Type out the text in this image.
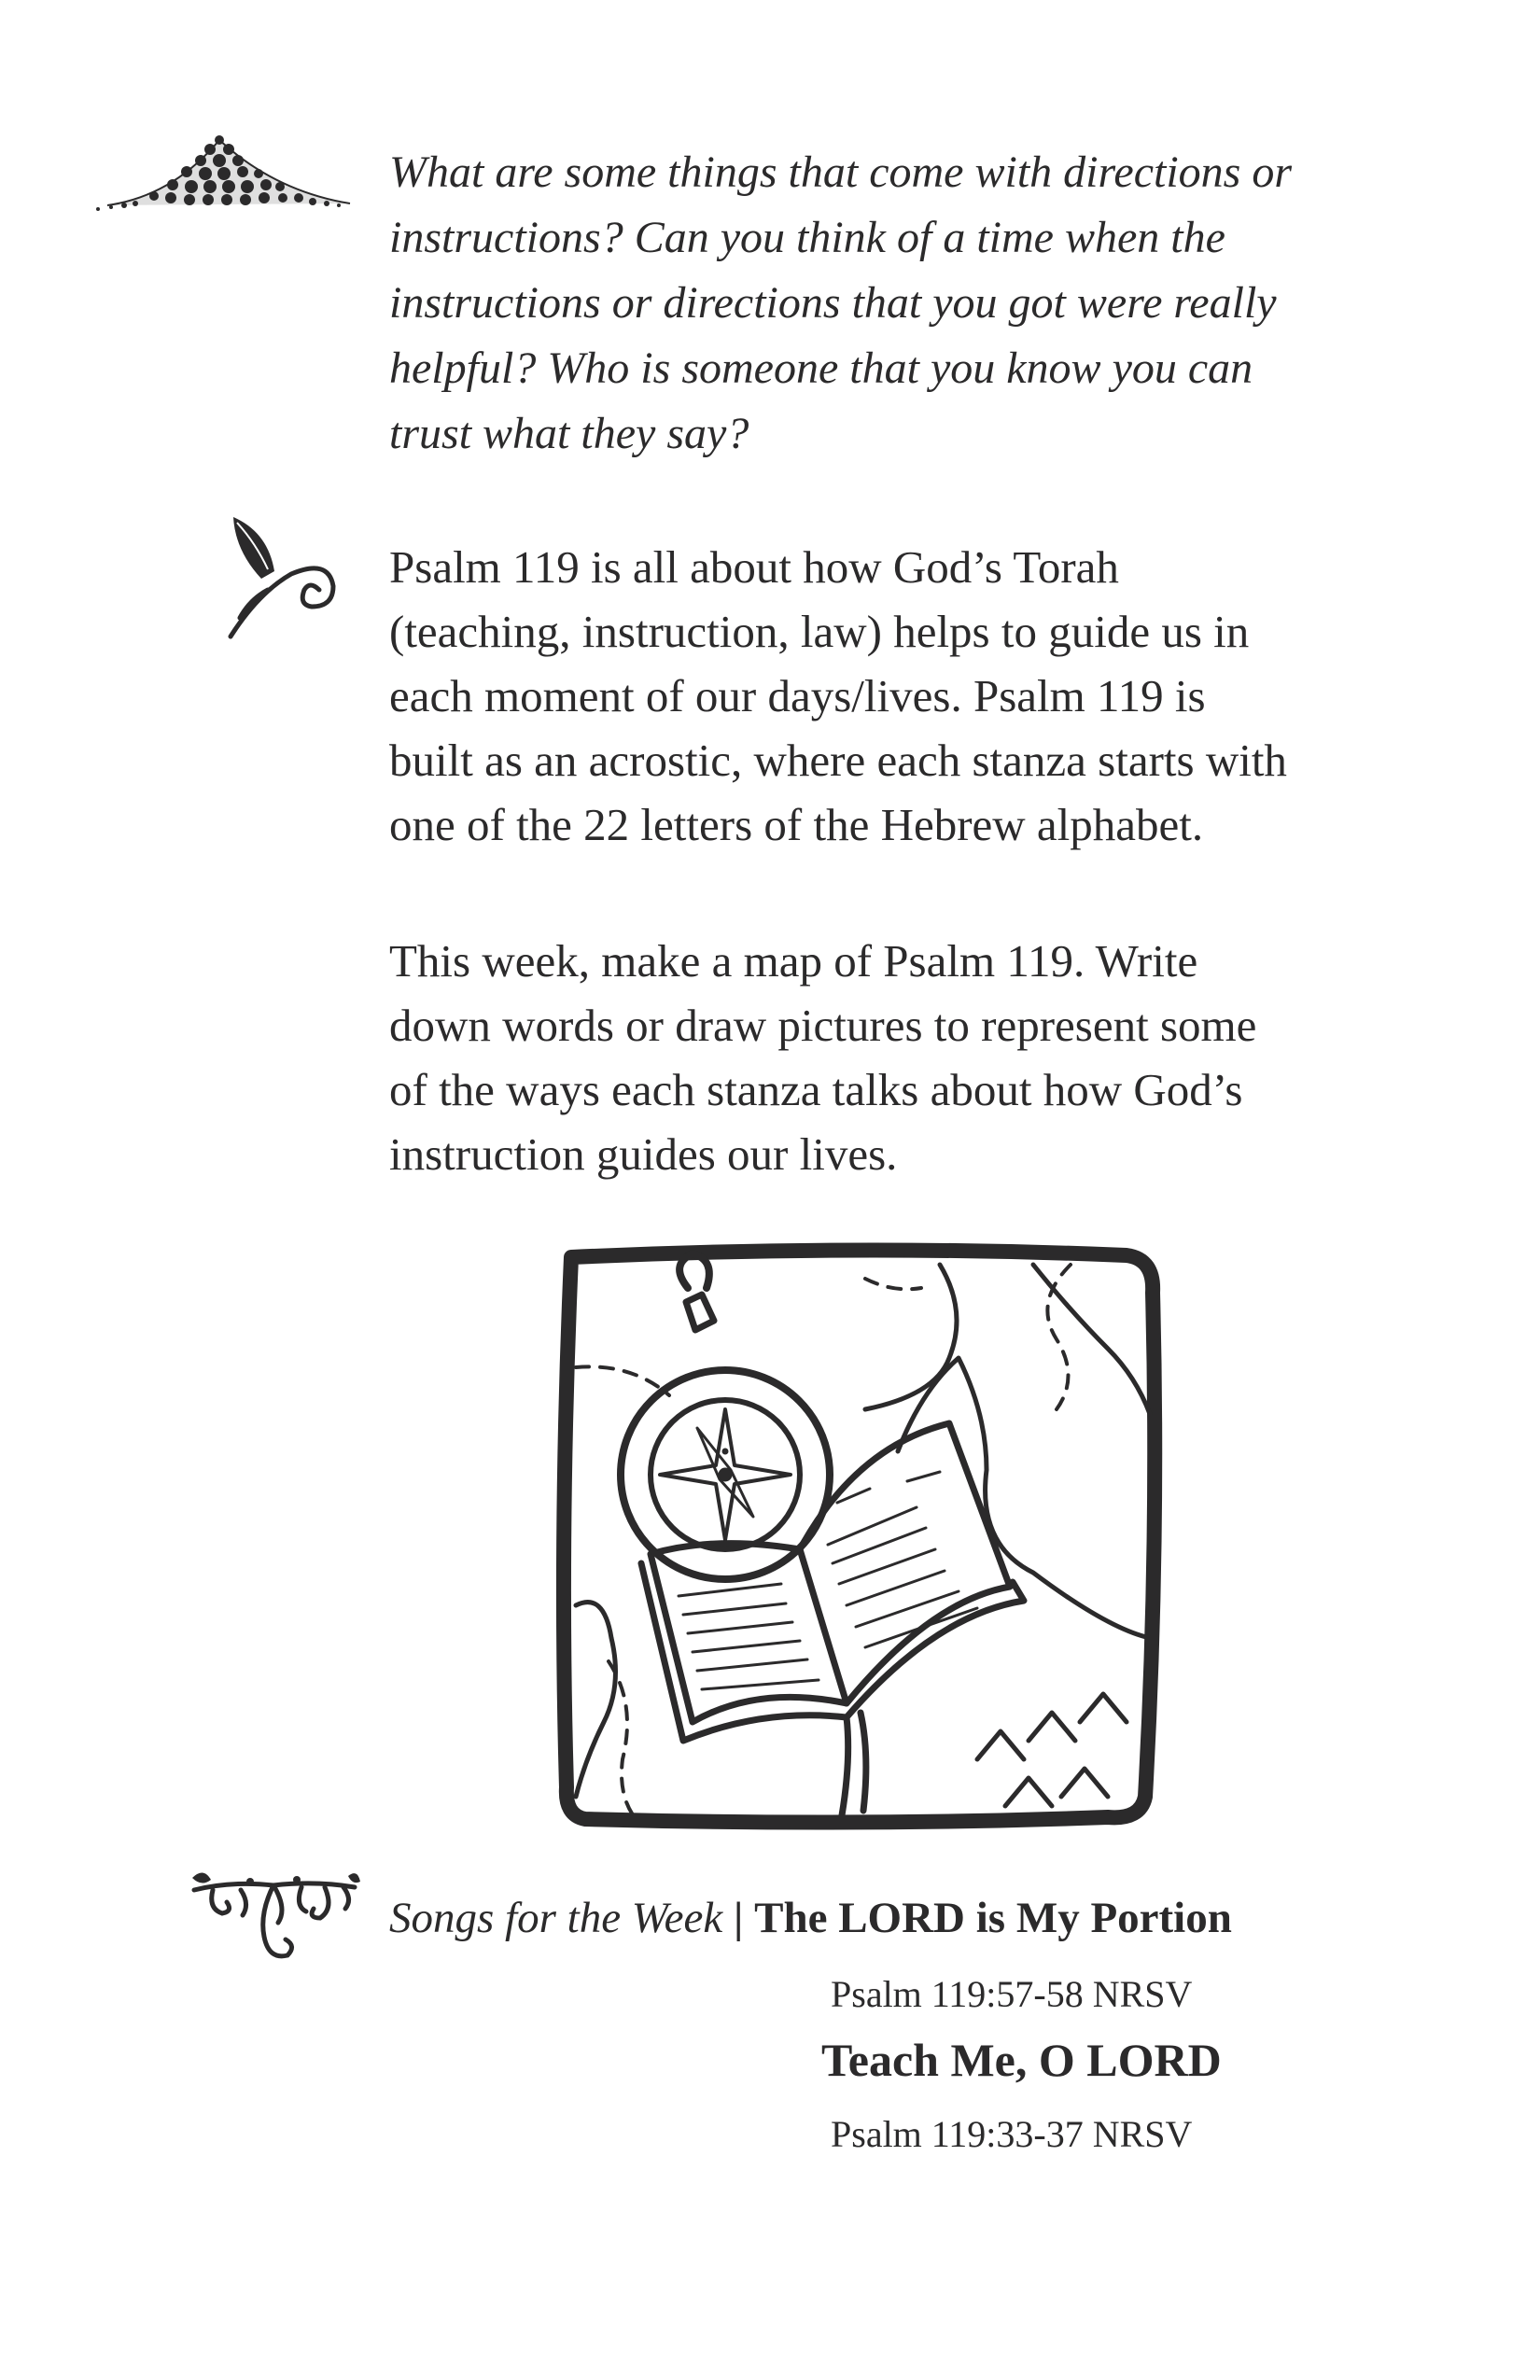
What are some things that come with directions or
instructions? Can you think of a time when the
instructions or directions that you got were really
helpful? Who is someone that you know you can
trust what they say?
Psalm 119 is all about how God’s Torah
(teaching, instruction, law) helps to guide us in
each moment of our days/lives. Psalm 119 is
built as an acrostic, where each stanza starts with
one of the 22 letters of the Hebrew alphabet.
This week, make a map of Psalm 119. Write
down words or draw pictures to represent some
of the ways each stanza talks about how God’s
instruction guides our lives.
Songs for the Week | The LORD is My Portion
Psalm 119:57-58 NRSV
Teach Me, O LORD
Psalm 119:33-37 NRSV
